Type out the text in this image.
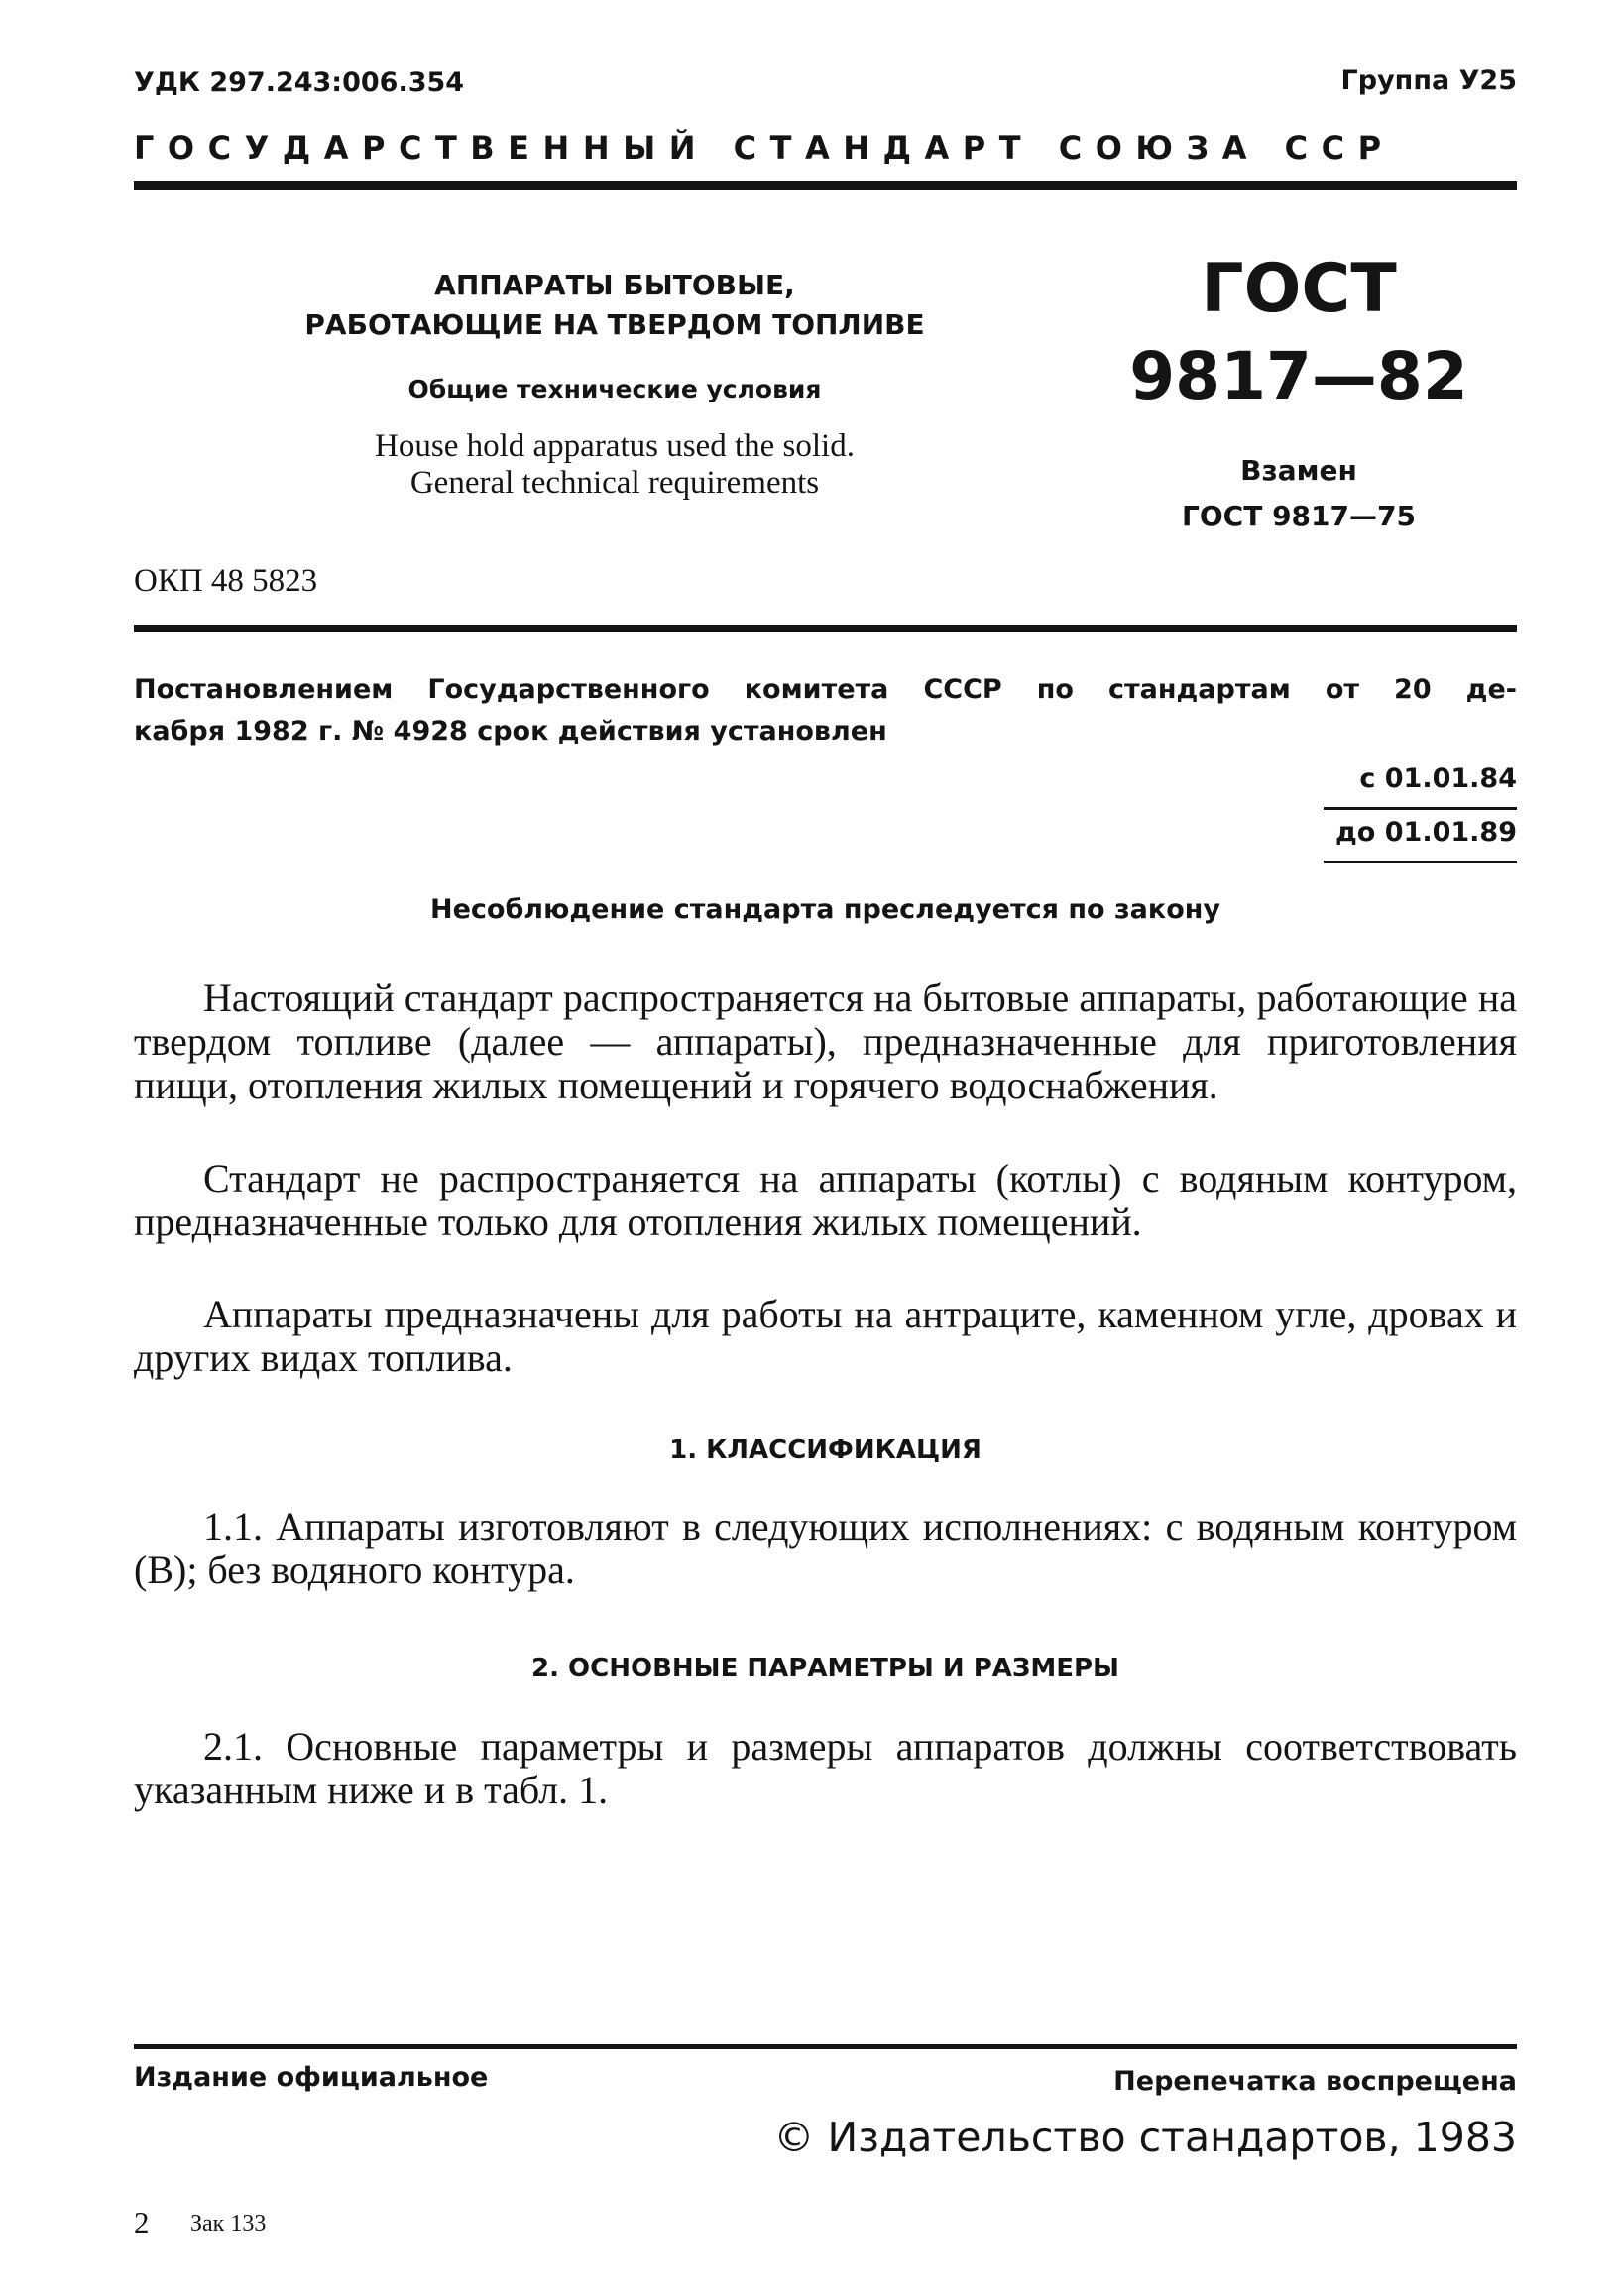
УДК 297.243:006.354	Группа У25
ГОСУДАРСТВЕННЫЙ СТАНДАРТ СОЮЗА ССР
АППАРАТЫ БЫТОВЫЕ,
РАБОТАЮЩИЕ НА ТВЕРДОМ ТОПЛИВЕ
Общие технические условия
House hold apparatus used the solid.
General technical requirements
ОКП 48 5823
ГОСТ
9817—82
Взамен
ГОСТ 9817—75
Постановлением Государственного комитета СССР по стандартам от 20 де-
кабря 1982 г. № 4928 срок действия установлен
с 01.01.84
до 01.01.89
Несоблюдение стандарта преследуется по закону

Настоящий стандарт распространяется на бытовые аппараты, работающие на твердом топливе (далее — аппараты), предназначенные для приготовления пищи, отопления жилых помещений и горячего водоснабжения.

Стандарт не распространяется на аппараты (котлы) с водяным контуром, предназначенные только для отопления жилых помещений.

Аппараты предназначены для работы на антраците, каменном угле, дровах и других видах топлива.

1. КЛАССИФИКАЦИЯ

1.1. Аппараты изготовляют в следующих исполнениях: с водяным контуром (В); без водяного контура.

2. ОСНОВНЫЕ ПАРАМЕТРЫ И РАЗМЕРЫ

2.1. Основные параметры и размеры аппаратов должны соответствовать указанным ниже и в табл. 1.

Издание официальное	Перепечатка воспрещена
© Издательство стандартов, 1983
2 Зак 133
